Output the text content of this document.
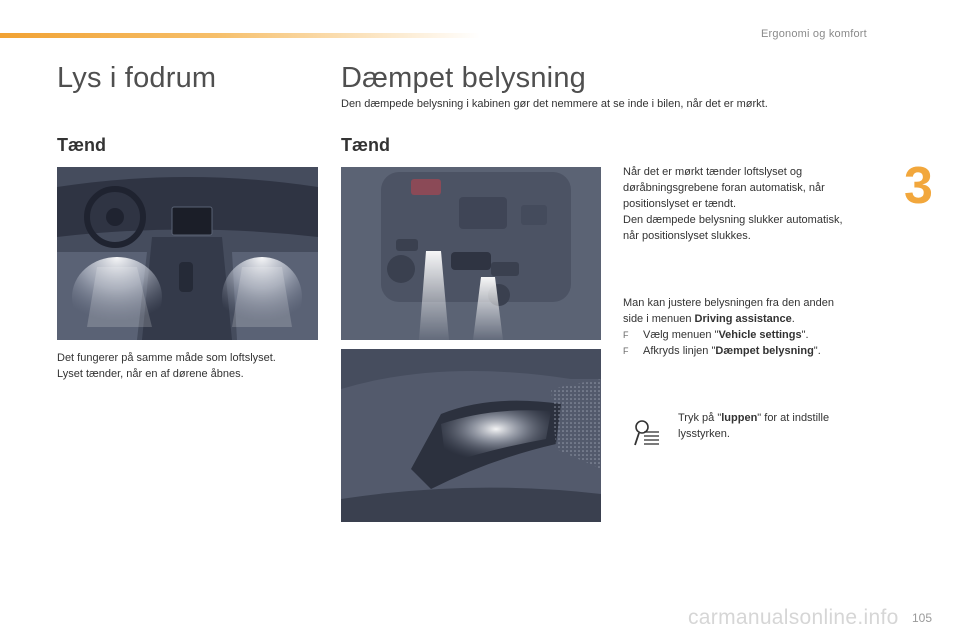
Ergonomi og komfort
3
Lys i fodrum	Dæmpet belysning
Den dæmpede belysning i kabinen gør det nemmere at se inde i bilen, når det er mørkt.
Tænd	Tænd
Det fungerer på samme måde som loftslyset.
Lyset tænder, når en af dørene åbnes.
Når det er mørkt tænder loftslyset og
døråbningsgrebene foran automatisk, når
positionslyset er tændt.
Den dæmpede belysning slukker automatisk,
når positionslyset slukkes.
Man kan justere belysningen fra den anden
side i menuen Driving assistance.
F Vælg menuen "Vehicle settings".
F Afkryds linjen "Dæmpet belysning".
Tryk på "luppen" for at indstille
lysstyrken.
carmanualsonline.info 105
